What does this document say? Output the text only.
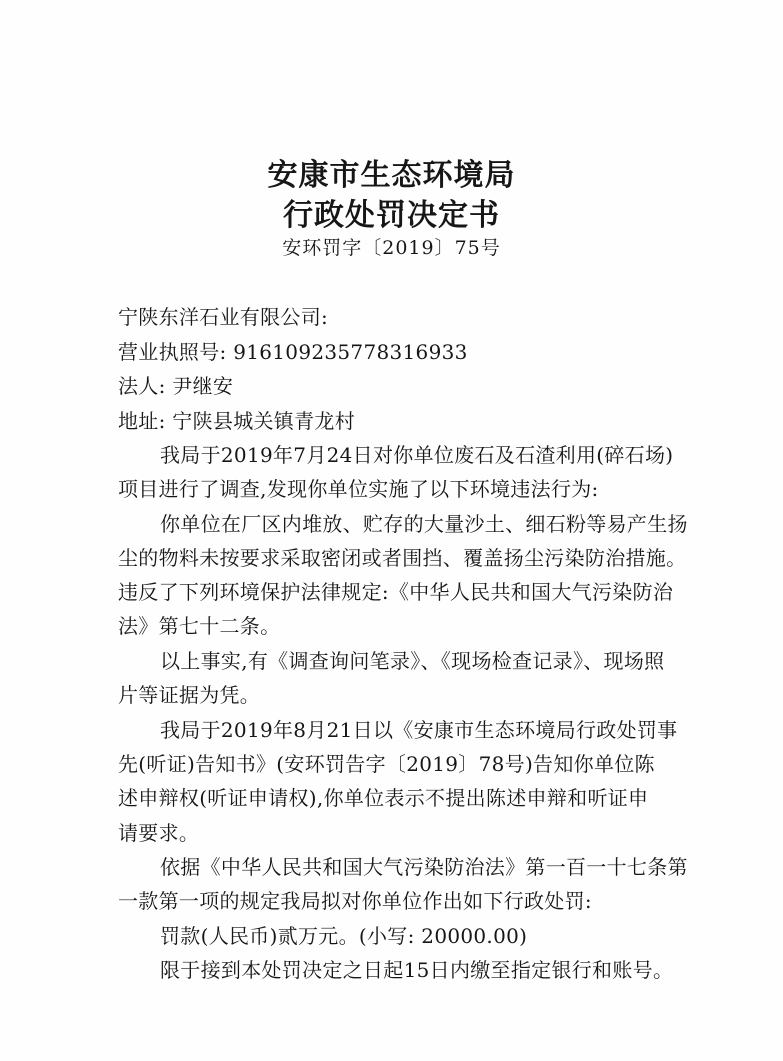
安康市生态环境局
行政处罚决定书
安环罚字〔2019〕75号
宁陕东洋石业有限公司:
营业执照号: 916109235778316933
法人: 尹继安
地址: 宁陕县城关镇青龙村
我局于2019年7月24日对你单位废石及石渣利用(碎石场)
项目进行了调查,发现你单位实施了以下环境违法行为:
你单位在厂区内堆放、贮存的大量沙土、细石粉等易产生扬
尘的物料未按要求采取密闭或者围挡、覆盖扬尘污染防治措施。
违反了下列环境保护法律规定:《中华人民共和国大气污染防治
法》第七十二条。
以上事实,有《调查询问笔录》、《现场检查记录》、现场照
片等证据为凭。
我局于2019年8月21日以《安康市生态环境局行政处罚事
先(听证)告知书》(安环罚告字〔2019〕78号)告知你单位陈
述申辩权(听证申请权),你单位表示不提出陈述申辩和听证申
请要求。
依据《中华人民共和国大气污染防治法》第一百一十七条第
一款第一项的规定我局拟对你单位作出如下行政处罚:
罚款(人民币)贰万元。(小写: 20000.00)
限于接到本处罚决定之日起15日内缴至指定银行和账号。
